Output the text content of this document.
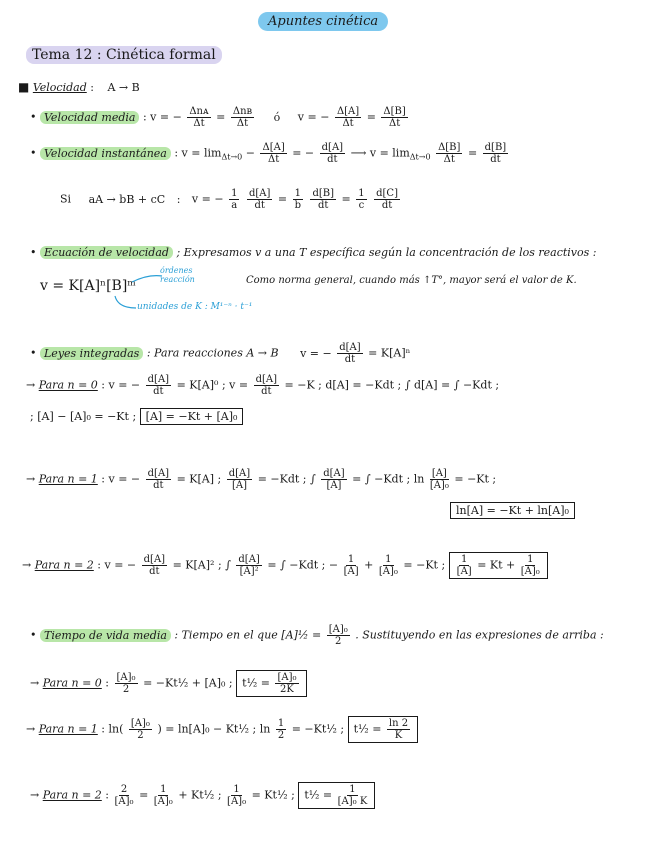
Apuntes cinética
Tema 12 : Cinética formal
■ Velocidad : A → B
• Velocidad media : v = − $\frac{\text{Δnᴀ}}{\Delta t} = \frac{\text{Δnʙ}}{\Delta t}$ ó v = − $\frac{\Delta[A]}{\Delta t} = \frac{\Delta[B]}{\Delta t}$
• Velocidad instantánea : $v = \lim_{\Delta t\to 0} - \frac{\Delta[A]}{\Delta t}$ = − $\frac{d[A]}{dt}$ ⟶ $v = \lim_{\Delta t\to 0} \frac{\Delta[B]}{\Delta t} = \frac{d[B]}{dt}$
Si aA → bB + cC : v = − $\frac{1}{a}$
$\frac{d[A]}{dt} = \frac{1}{b}$
$\frac{d[B]}{dt} = \frac{1}{c}$
$\frac{d[C]}{dt}$
• Ecuación de velocidad ; Expresamos v a una T específica según la concentración de los reactivos :
v = K[A]ⁿ[B]ᵐ
órdenes reacción
unidades de K : M¹⁻ⁿ · t⁻¹
Como norma general, cuando más ↑T°, mayor será el valor de K.
• Leyes integradas : Para reacciones A → B v = − $\frac{d[A]}{dt} = K[A]^n$
→ Para n = 0 : v = − $\frac{d[A]}{dt} = K[A]^0$ ; $v = \frac{d[A]}{dt} = -K$ ; d[A] = −Kdt ; ∫ d[A] = ∫ −Kdt ;
; [A] − [A]₀ = −Kt ; [A] = −Kt + [A]₀
→ Para n = 1 : v = − $\frac{d[A]}{dt} = K[A]$ ; $\frac{d[A]}{[A]} = -Kdt$ ; ∫ $\frac{d[A]}{[A]}$ = ∫ −Kdt ; $\ln \frac{[A]}{\text{[A]₀}} = -Kt$ ;
ln[A] = −Kt + ln[A]₀
→ Para n = 2 : v = − $\frac{d[A]}{dt} = K[A]^2$ ; ∫ $\frac{d[A]}{\text{[A]²}}$ = ∫ −Kdt ; − $\frac{1}{[A]} + \frac{1}{\text{[A]₀}} = -Kt$ ; $\frac{1}{[A]} = Kt + \frac{1}{\text{[A]₀}}$
• Tiempo de vida media : Tiempo en el que [A]½ = $\frac{\text{[A]₀}}{2}$ . Sustituyendo en las expresiones de arriba :
→ Para n = 0 : $\frac{\text{[A]₀}}{2}$ = −Kt½ + [A]₀ ; t½ = $\frac{\text{[A]₀}}{2K}$
→ Para n = 1 : $\ln( \frac{\text{[A]₀}}{2}$ ) = ln[A]₀ − Kt½ ; $\ln \frac{1}{2}$ = −Kt½ ; t½ = $\frac{\ln 2}{K}$
→ Para n = 2 : $\frac{2}{\text{[A]₀}} = \frac{1}{\text{[A]₀}}$ + Kt½ ; $\frac{1}{\text{[A]₀}}$ = Kt½ ; t½ = $\frac{1}{\text{[A]₀ K}}$
